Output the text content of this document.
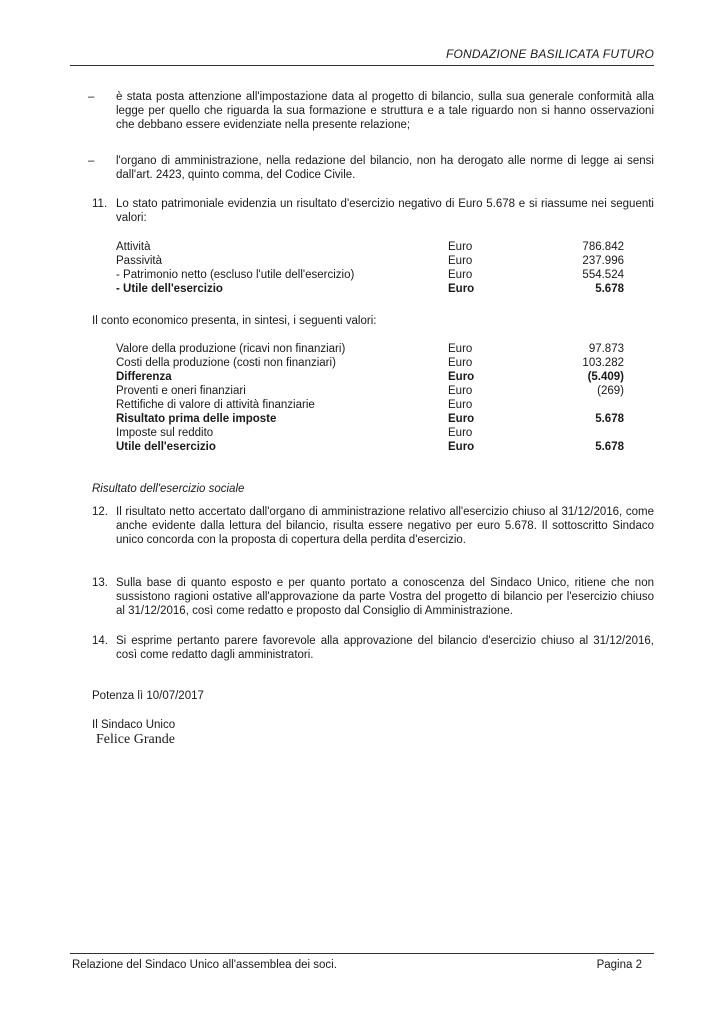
FONDAZIONE BASILICATA FUTURO
– è stata posta attenzione all'impostazione data al progetto di bilancio, sulla sua generale conformità alla legge per quello che riguarda la sua formazione e struttura e a tale riguardo non si hanno osservazioni che debbano essere evidenziate nella presente relazione;
– l'organo di amministrazione, nella redazione del bilancio, non ha derogato alle norme di legge ai sensi dall'art. 2423, quinto comma, del Codice Civile.
11. Lo stato patrimoniale evidenzia un risultato d'esercizio negativo di Euro 5.678 e si riassume nei seguenti valori:
Attività	Euro	786.842
Passività	Euro	237.996
- Patrimonio netto (escluso l'utile dell'esercizio)	Euro	554.524
- Utile dell'esercizio	Euro	5.678
Il conto economico presenta, in sintesi, i seguenti valori:
Valore della produzione (ricavi non finanziari)	Euro	97.873
Costi della produzione (costi non finanziari)	Euro	103.282
Differenza	Euro	(5.409)
Proventi e oneri finanziari	Euro	(269)
Rettifiche di valore di attività finanziarie	Euro
Risultato prima delle imposte	Euro	5.678
Imposte sul reddito	Euro
Utile dell'esercizio	Euro	5.678
Risultato dell'esercizio sociale
12. Il risultato netto accertato dall'organo di amministrazione relativo all'esercizio chiuso al 31/12/2016, come anche evidente dalla lettura del bilancio, risulta essere negativo per euro 5.678. Il sottoscritto Sindaco unico concorda con la proposta di copertura della perdita d'esercizio.
13. Sulla base di quanto esposto e per quanto portato a conoscenza del Sindaco Unico, ritiene che non sussistono ragioni ostative all'approvazione da parte Vostra del progetto di bilancio per l'esercizio chiuso al 31/12/2016, così come redatto e proposto dal Consiglio di Amministrazione.
14. Si esprime pertanto parere favorevole alla approvazione del bilancio d'esercizio chiuso al 31/12/2016, così come redatto dagli amministratori.
Potenza lì 10/07/2017
Il Sindaco Unico
Felice Grande
Relazione del Sindaco Unico all'assemblea dei soci.	Pagina 2
